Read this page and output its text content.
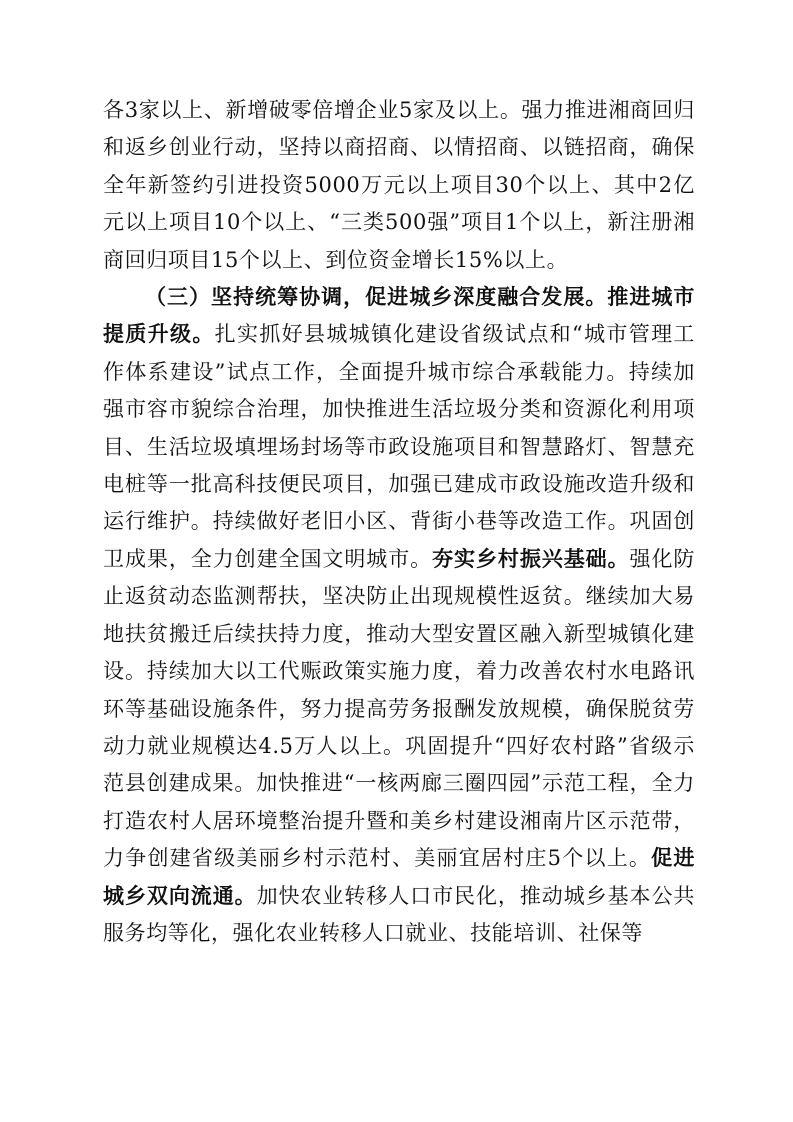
各3家以上、新增破零倍增企业5家及以上。强力推进湘商回归和返乡创业行动，坚持以商招商、以情招商、以链招商，确保全年新签约引进投资5000万元以上项目30个以上、其中2亿元以上项目10个以上、“三类500强”项目1个以上，新注册湘商回归项目15个以上、到位资金增长15%以上。

（三）坚持统筹协调，促进城乡深度融合发展。推进城市提质升级。扎实抓好县城城镇化建设省级试点和“城市管理工作体系建设”试点工作，全面提升城市综合承载能力。持续加强市容市貌综合治理，加快推进生活垃圾分类和资源化利用项目、生活垃圾填埋场封场等市政设施项目和智慧路灯、智慧充电桩等一批高科技便民项目，加强已建成市政设施改造升级和运行维护。持续做好老旧小区、背街小巷等改造工作。巩固创卫成果，全力创建全国文明城市。夯实乡村振兴基础。强化防止返贫动态监测帮扶，坚决防止出现规模性返贫。继续加大易地扶贫搬迁后续扶持力度，推动大型安置区融入新型城镇化建设。持续加大以工代赈政策实施力度，着力改善农村水电路讯环等基础设施条件，努力提高劳务报酬发放规模，确保脱贫劳动力就业规模达4.5万人以上。巩固提升“四好农村路”省级示范县创建成果。加快推进“一核两廊三圈四园”示范工程，全力打造农村人居环境整治提升暨和美乡村建设湘南片区示范带，力争创建省级美丽乡村示范村、美丽宜居村庄5个以上。促进城乡双向流通。加快农业转移人口市民化，推动城乡基本公共服务均等化，强化农业转移人口就业、技能培训、社保等
